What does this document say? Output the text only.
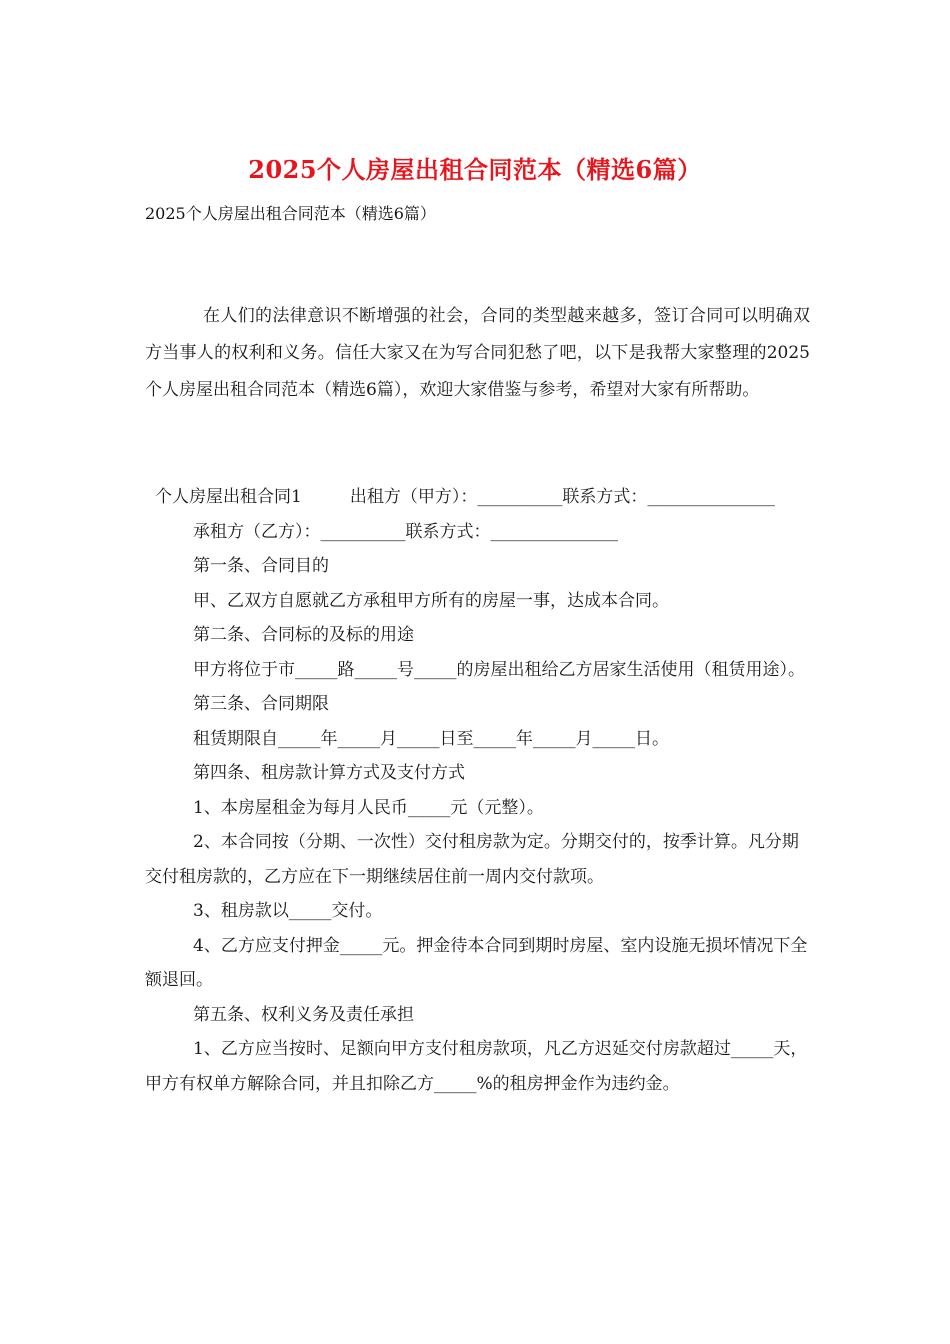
2025个人房屋出租合同范本（精选6篇）
2025个人房屋出租合同范本（精选6篇）

在人们的法律意识不断增强的社会，合同的类型越来越多，签订合同可以明确双方当事人的权利和义务。信任大家又在为写合同犯愁了吧，以下是我帮大家整理的2025个人房屋出租合同范本（精选6篇），欢迎大家借鉴与参考，希望对大家有所帮助。

个人房屋出租合同1	出租方（甲方）：__________联系方式：_______________

承租方（乙方）：__________联系方式：_______________

第一条、合同目的

甲、乙双方自愿就乙方承租甲方所有的房屋一事，达成本合同。

第二条、合同标的及标的用途

甲方将位于市_____路_____号_____的房屋出租给乙方居家生活使用（租赁用途）。

第三条、合同期限

租赁期限自_____年_____月_____日至_____年_____月_____日。

第四条、租房款计算方式及支付方式

1、本房屋租金为每月人民币_____元（元整）。

2、本合同按（分期、一次性）交付租房款为定。分期交付的，按季计算。凡分期交付租房款的，乙方应在下一期继续居住前一周内交付款项。

3、租房款以_____交付。

4、乙方应支付押金_____元。押金待本合同到期时房屋、室内设施无损坏情况下全额退回。

第五条、权利义务及责任承担

1、乙方应当按时、足额向甲方支付租房款项，凡乙方迟延交付房款超过_____天，甲方有权单方解除合同，并且扣除乙方_____%的租房押金作为违约金。
